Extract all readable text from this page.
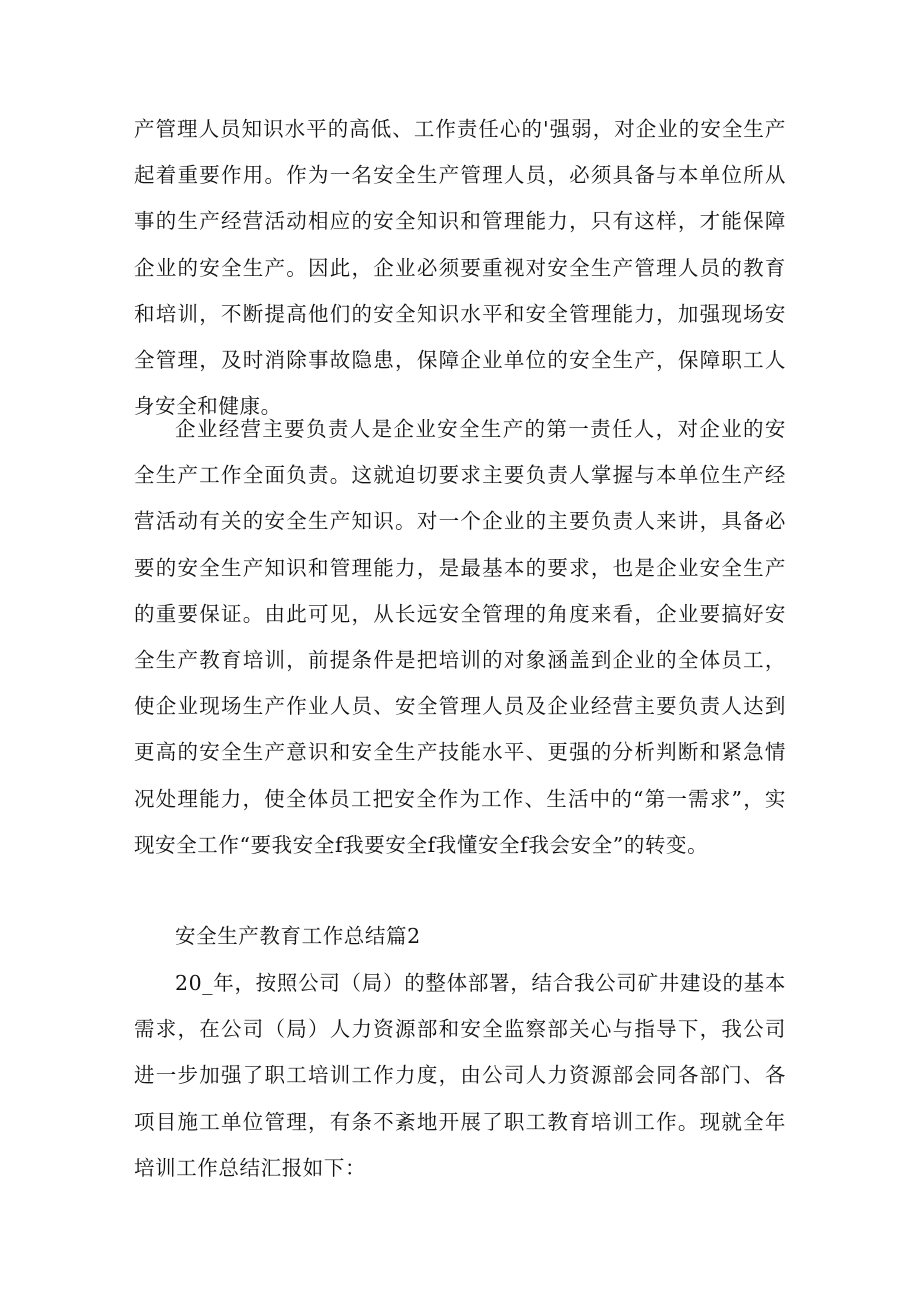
产管理人员知识水平的高低、工作责任心的'强弱，对企业的安全生产起着重要作用。作为一名安全生产管理人员，必须具备与本单位所从事的生产经营活动相应的安全知识和管理能力，只有这样，才能保障企业的安全生产。因此，企业必须要重视对安全生产管理人员的教育和培训，不断提高他们的安全知识水平和安全管理能力，加强现场安全管理，及时消除事故隐患，保障企业单位的安全生产，保障职工人身安全和健康。

企业经营主要负责人是企业安全生产的第一责任人，对企业的安全生产工作全面负责。这就迫切要求主要负责人掌握与本单位生产经营活动有关的安全生产知识。对一个企业的主要负责人来讲，具备必要的安全生产知识和管理能力，是最基本的要求，也是企业安全生产的重要保证。由此可见，从长远安全管理的角度来看，企业要搞好安全生产教育培训，前提条件是把培训的对象涵盖到企业的全体员工，使企业现场生产作业人员、安全管理人员及企业经营主要负责人达到更高的安全生产意识和安全生产技能水平、更强的分析判断和紧急情况处理能力，使全体员工把安全作为工作、生活中的“第一需求”，实现安全工作“要我安全f我要安全f我懂安全f我会安全”的转变。

安全生产教育工作总结篇2

20_年，按照公司（局）的整体部署，结合我公司矿井建设的基本需求，在公司（局）人力资源部和安全监察部关心与指导下，我公司进一步加强了职工培训工作力度，由公司人力资源部会同各部门、各项目施工单位管理，有条不紊地开展了职工教育培训工作。现就全年培训工作总结汇报如下：
